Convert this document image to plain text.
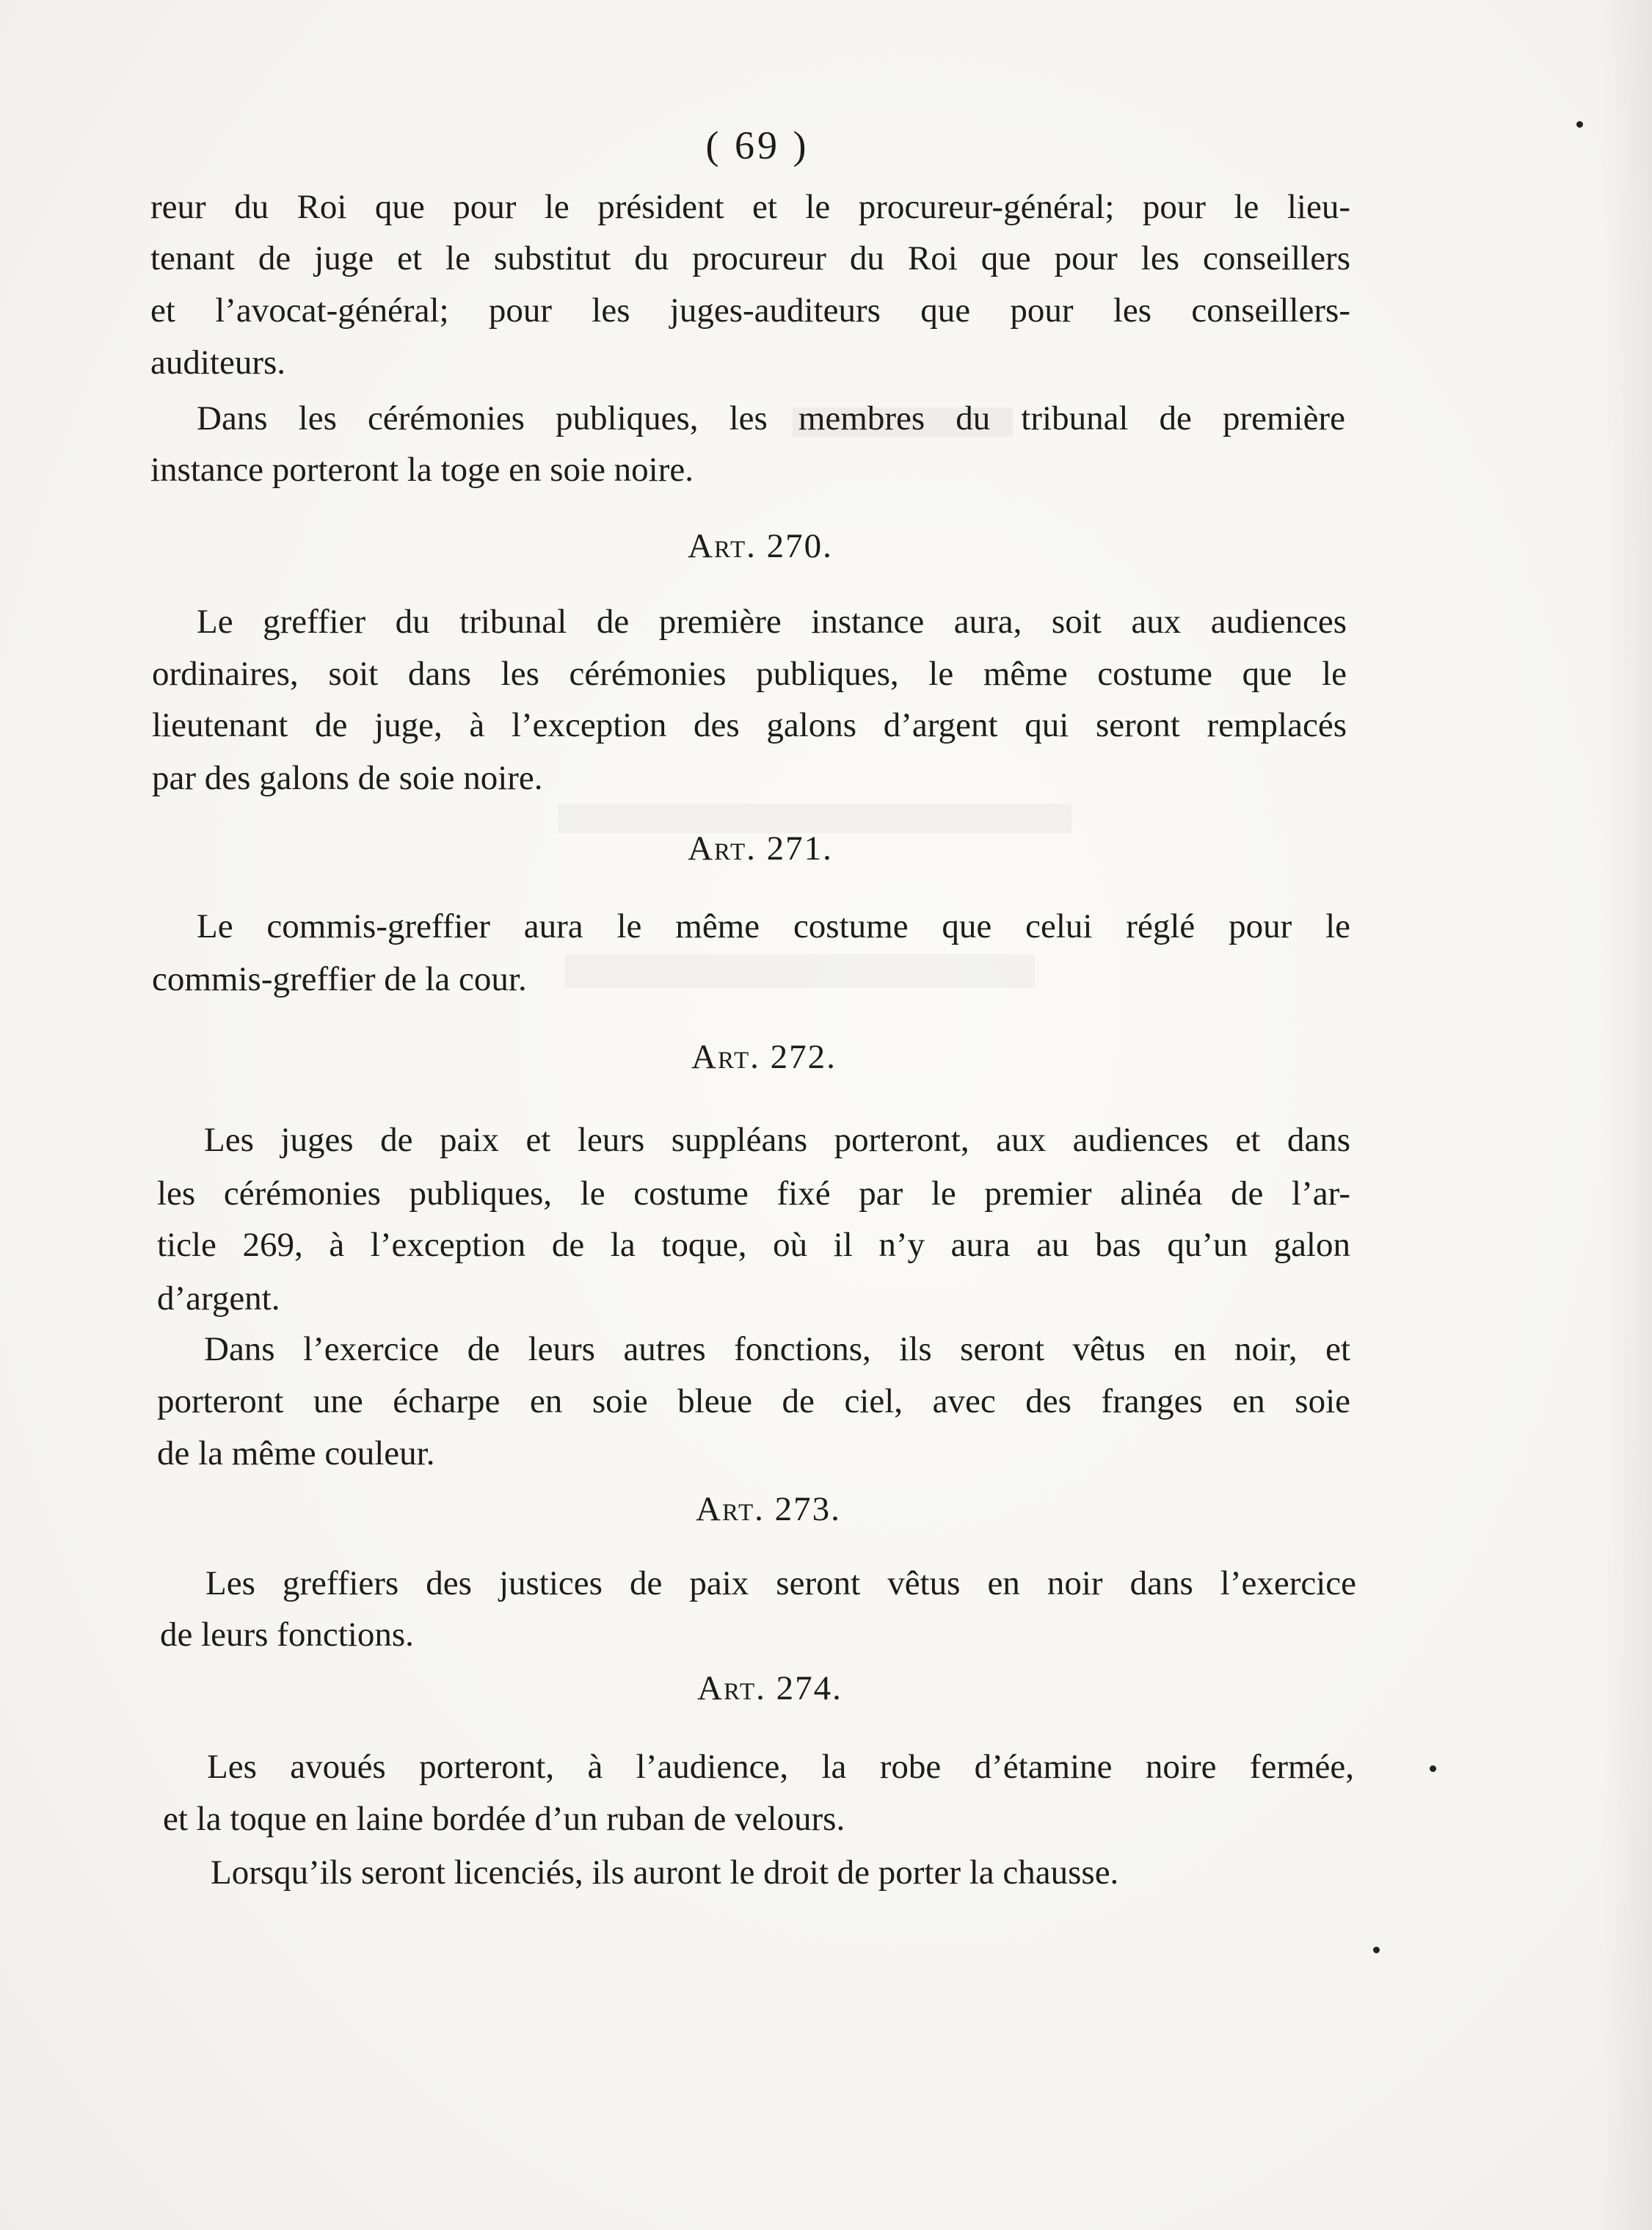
( 69 )
reur du Roi que pour le président et le procureur-général; pour le lieu-
tenant de juge et le substitut du procureur du Roi que pour les conseillers
et l’avocat-général; pour les juges-auditeurs que pour les conseillers-
auditeurs.
Dans les cérémonies publiques, les membres du tribunal de première
instance porteront la toge en soie noire.
Art. 270.
Le greffier du tribunal de première instance aura, soit aux audiences
ordinaires, soit dans les cérémonies publiques, le même costume que le
lieutenant de juge, à l’exception des galons d’argent qui seront remplacés
par des galons de soie noire.
Art. 271.
Le commis-greffier aura le même costume que celui réglé pour le
commis-greffier de la cour.
Art. 272.
Les juges de paix et leurs suppléans porteront, aux audiences et dans
les cérémonies publiques, le costume fixé par le premier alinéa de l’ar-
ticle 269, à l’exception de la toque, où il n’y aura au bas qu’un galon
d’argent.
Dans l’exercice de leurs autres fonctions, ils seront vêtus en noir, et
porteront une écharpe en soie bleue de ciel, avec des franges en soie
de la même couleur.
Art. 273.
Les greffiers des justices de paix seront vêtus en noir dans l’exercice
de leurs fonctions.
Art. 274.
Les avoués porteront, à l’audience, la robe d’étamine noire fermée,
et la toque en laine bordée d’un ruban de velours.
Lorsqu’ils seront licenciés, ils auront le droit de porter la chausse.
